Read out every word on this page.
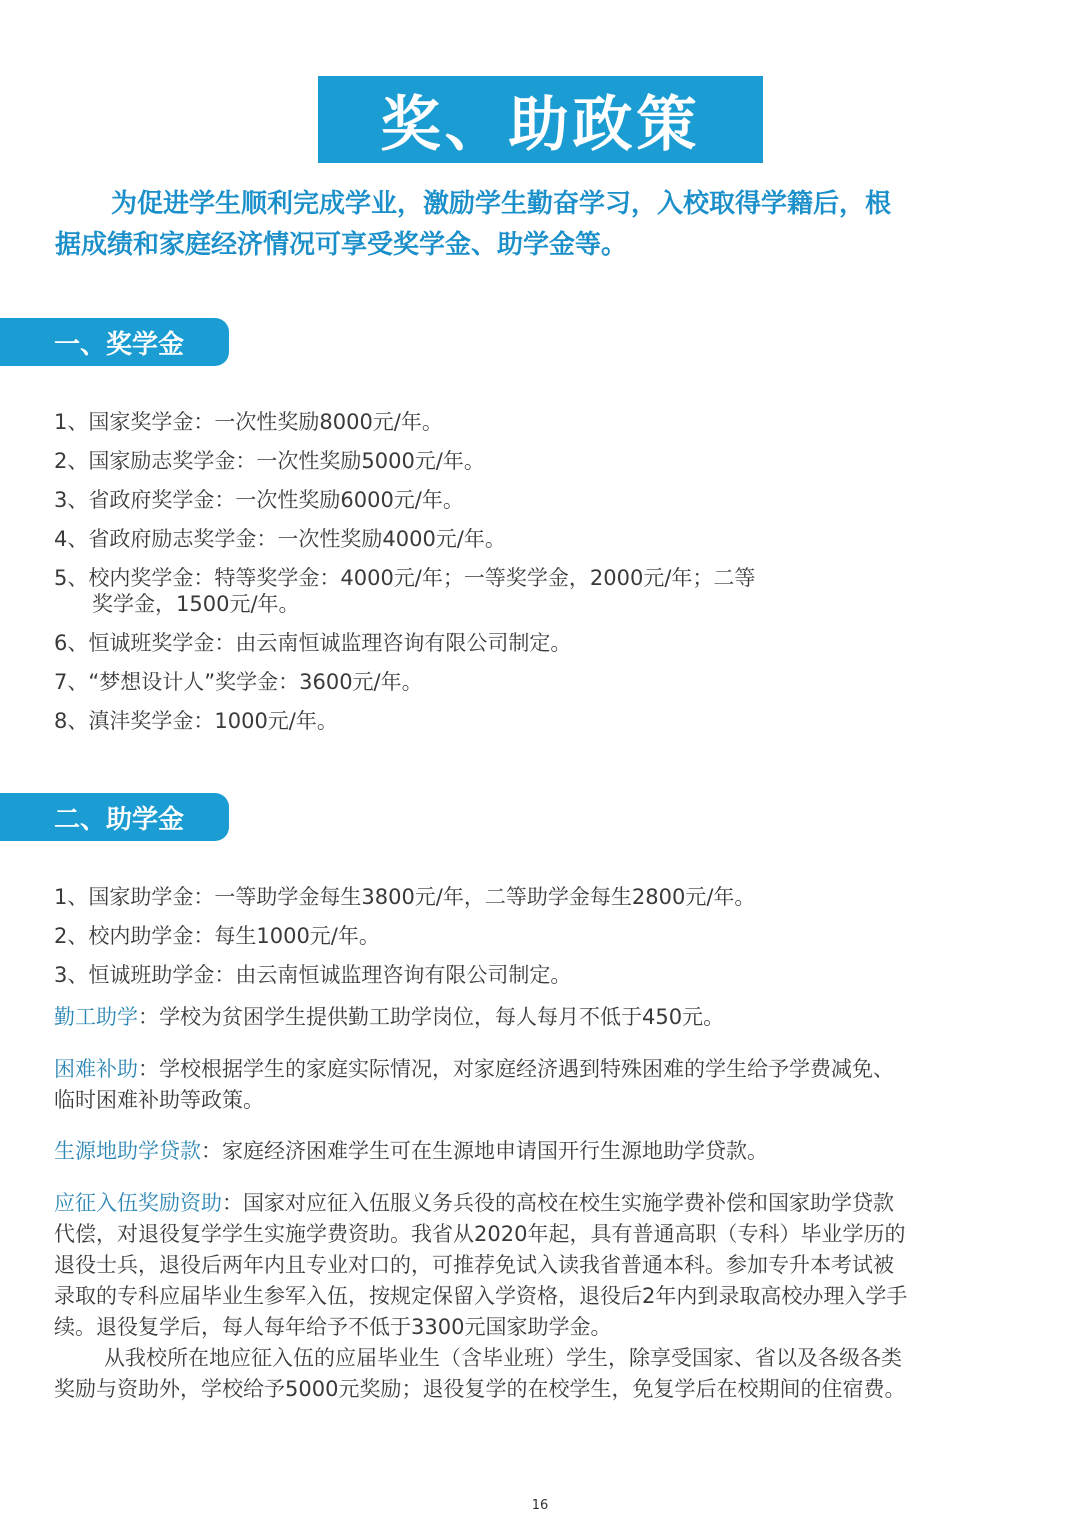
奖、助政策
为促进学生顺利完成学业，激励学生勤奋学习，入校取得学籍后，根
据成绩和家庭经济情况可享受奖学金、助学金等。
一、奖学金
1、国家奖学金：一次性奖励8000元/年。
2、国家励志奖学金：一次性奖励5000元/年。
3、省政府奖学金：一次性奖励6000元/年。
4、省政府励志奖学金：一次性奖励4000元/年。
5、校内奖学金：特等奖学金：4000元/年；一等奖学金，2000元/年；二等
奖学金，1500元/年。
6、恒诚班奖学金：由云南恒诚监理咨询有限公司制定。
7、“梦想设计人”奖学金：3600元/年。
8、滇沣奖学金：1000元/年。
二、助学金
1、国家助学金：一等助学金每生3800元/年，二等助学金每生2800元/年。
2、校内助学金：每生1000元/年。
3、恒诚班助学金：由云南恒诚监理咨询有限公司制定。
勤工助学：学校为贫困学生提供勤工助学岗位，每人每月不低于450元。
困难补助：学校根据学生的家庭实际情况，对家庭经济遇到特殊困难的学生给予学费减免、
临时困难补助等政策。
生源地助学贷款：家庭经济困难学生可在生源地申请国开行生源地助学贷款。
应征入伍奖励资助：国家对应征入伍服义务兵役的高校在校生实施学费补偿和国家助学贷款
代偿，对退役复学学生实施学费资助。我省从2020年起，具有普通高职（专科）毕业学历的
退役士兵，退役后两年内且专业对口的，可推荐免试入读我省普通本科。参加专升本考试被
录取的专科应届毕业生参军入伍，按规定保留入学资格，退役后2年内到录取高校办理入学手
续。退役复学后，每人每年给予不低于3300元国家助学金。
从我校所在地应征入伍的应届毕业生（含毕业班）学生，除享受国家、省以及各级各类
奖励与资助外，学校给予5000元奖励；退役复学的在校学生，免复学后在校期间的住宿费。
16
